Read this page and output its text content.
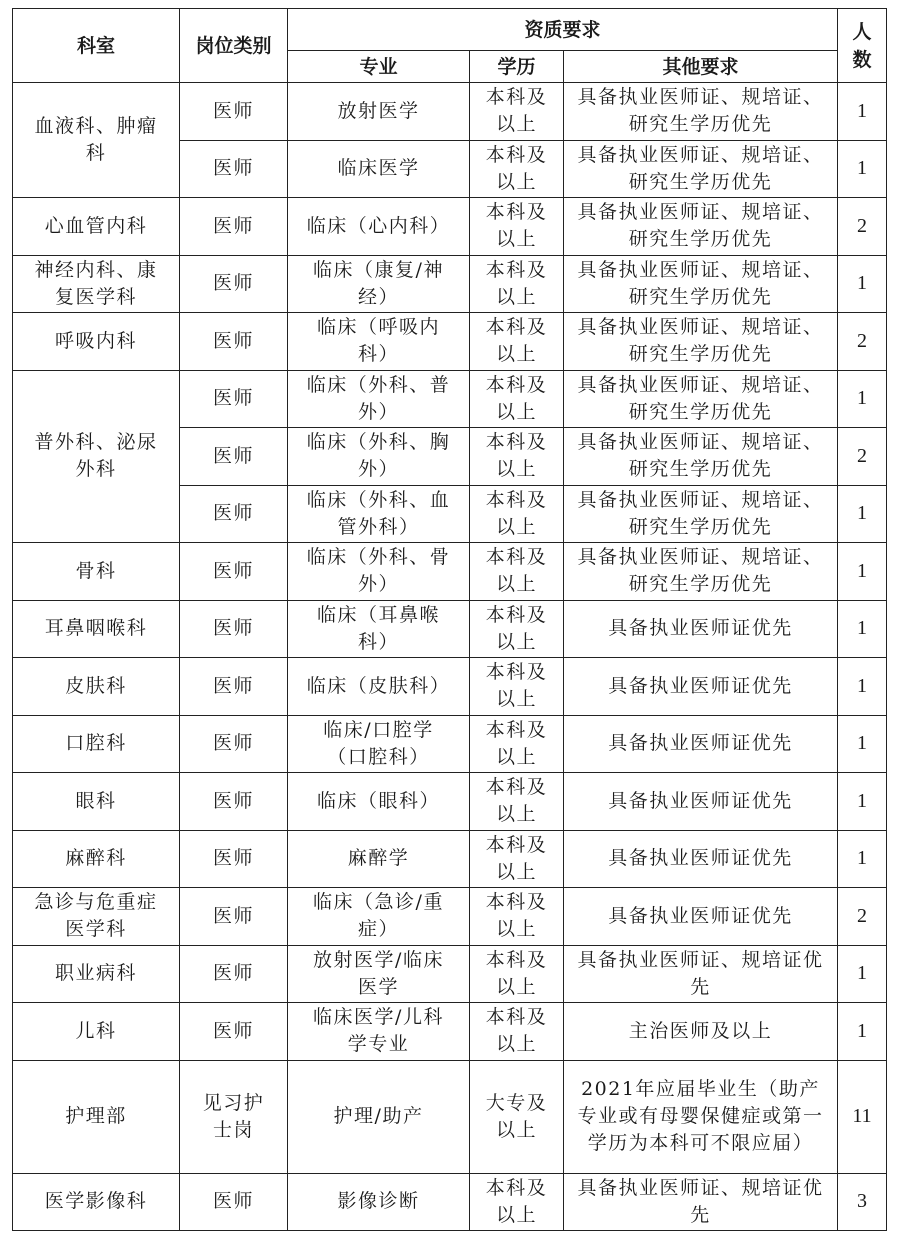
科室	岗位类别	资质要求			人数
		专业	学历	其他要求	
血液科、肿瘤科	医师	放射医学	本科及以上	具备执业医师证、规培证、研究生学历优先	1
	医师	临床医学	本科及以上	具备执业医师证、规培证、研究生学历优先	1
心血管内科	医师	临床（心内科）	本科及以上	具备执业医师证、规培证、研究生学历优先	2
神经内科、康复医学科	医师	临床（康复/神经）	本科及以上	具备执业医师证、规培证、研究生学历优先	1
呼吸内科	医师	临床（呼吸内科）	本科及以上	具备执业医师证、规培证、研究生学历优先	2
普外科、泌尿外科	医师	临床（外科、普外）	本科及以上	具备执业医师证、规培证、研究生学历优先	1
	医师	临床（外科、胸外）	本科及以上	具备执业医师证、规培证、研究生学历优先	2
	医师	临床（外科、血管外科）	本科及以上	具备执业医师证、规培证、研究生学历优先	1
骨科	医师	临床（外科、骨外）	本科及以上	具备执业医师证、规培证、研究生学历优先	1
耳鼻咽喉科	医师	临床（耳鼻喉科）	本科及以上	具备执业医师证优先	1
皮肤科	医师	临床（皮肤科）	本科及以上	具备执业医师证优先	1
口腔科	医师	临床/口腔学（口腔科）	本科及以上	具备执业医师证优先	1
眼科	医师	临床（眼科）	本科及以上	具备执业医师证优先	1
麻醉科	医师	麻醉学	本科及以上	具备执业医师证优先	1
急诊与危重症医学科	医师	临床（急诊/重症）	本科及以上	具备执业医师证优先	2
职业病科	医师	放射医学/临床医学	本科及以上	具备执业医师证、规培证优先	1
儿科	医师	临床医学/儿科学专业	本科及以上	主治医师及以上	1
护理部	见习护士岗	护理/助产	大专及以上	2021年应届毕业生（助产专业或有母婴保健症或第一学历为本科可不限应届）	11
医学影像科	医师	影像诊断	本科及以上	具备执业医师证、规培证优先	3
